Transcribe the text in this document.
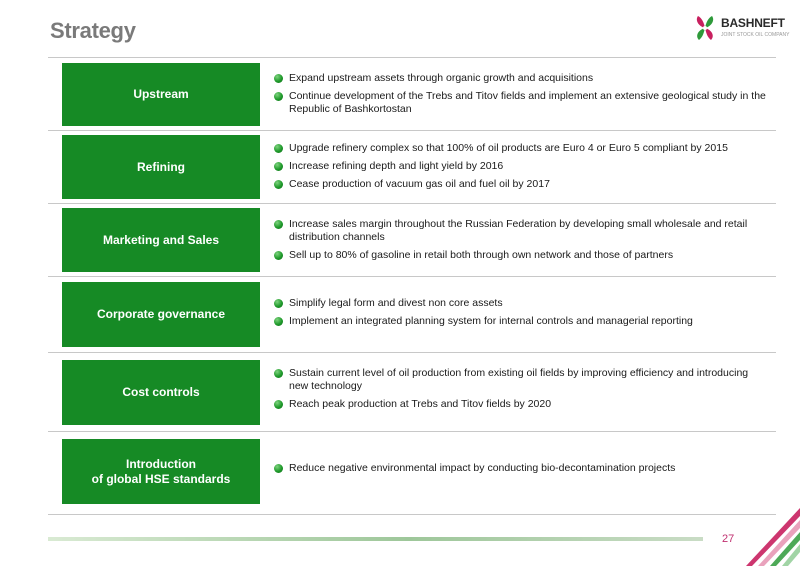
Strategy	BASHNEFT
JOINT STOCK OIL COMPANY
Upstream
Expand upstream assets through organic growth and acquisitions
Continue development of the Trebs and Titov fields and implement an extensive geological study in the Republic of Bashkortostan
Refining
Upgrade refinery complex so that 100% of oil products are Euro 4 or Euro 5 compliant by 2015
Increase refining depth and light yield by 2016
Cease production of vacuum gas oil and fuel oil by 2017
Marketing and Sales
Increase sales margin throughout the Russian Federation by developing small wholesale and retail distribution channels
Sell up to 80% of gasoline in retail both through own network and those of partners
Corporate governance
Simplify legal form and divest non core assets
Implement an integrated planning system for internal controls and managerial reporting
Cost controls
Sustain current level of oil production from existing oil fields by improving efficiency and introducing new technology
Reach peak production at Trebs and Titov fields by 2020
Introduction
of global HSE standards
Reduce negative environmental impact by conducting bio-decontamination projects
27
